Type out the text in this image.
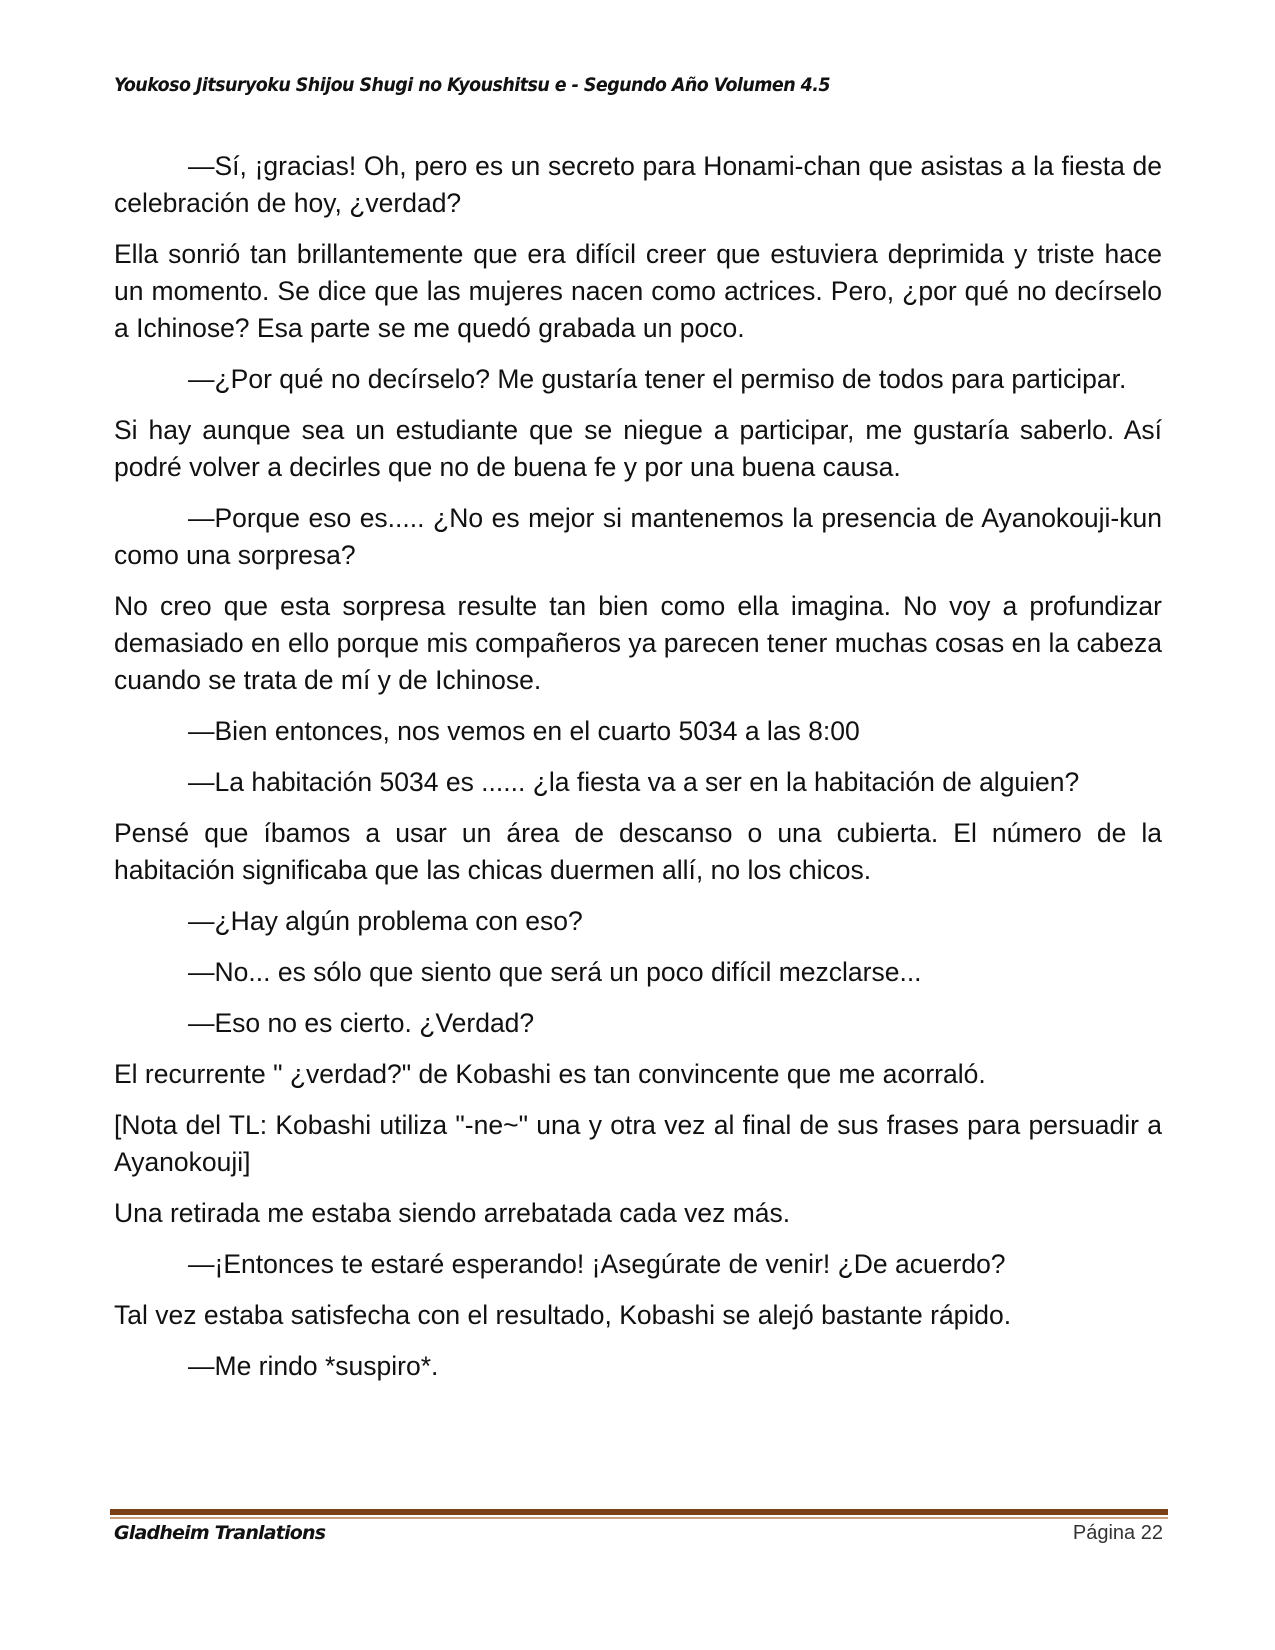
Youkoso Jitsuryoku Shijou Shugi no Kyoushitsu e - Segundo Año Volumen 4.5

—Sí, ¡gracias! Oh, pero es un secreto para Honami-chan que asistas a la fiesta de celebración de hoy, ¿verdad?

Ella sonrió tan brillantemente que era difícil creer que estuviera deprimida y triste hace un momento. Se dice que las mujeres nacen como actrices. Pero, ¿por qué no decírselo a Ichinose? Esa parte se me quedó grabada un poco.

—¿Por qué no decírselo? Me gustaría tener el permiso de todos para participar.

Si hay aunque sea un estudiante que se niegue a participar, me gustaría saberlo. Así podré volver a decirles que no de buena fe y por una buena causa.

—Porque eso es..... ¿No es mejor si mantenemos la presencia de Ayanokouji-kun como una sorpresa?

No creo que esta sorpresa resulte tan bien como ella imagina. No voy a profundizar demasiado en ello porque mis compañeros ya parecen tener muchas cosas en la cabeza cuando se trata de mí y de Ichinose.

—Bien entonces, nos vemos en el cuarto 5034 a las 8:00

—La habitación 5034 es ...... ¿la fiesta va a ser en la habitación de alguien?

Pensé que íbamos a usar un área de descanso o una cubierta. El número de la habitación significaba que las chicas duermen allí, no los chicos.

—¿Hay algún problema con eso?

—No... es sólo que siento que será un poco difícil mezclarse...

—Eso no es cierto. ¿Verdad?

El recurrente " ¿verdad?" de Kobashi es tan convincente que me acorraló.

[Nota del TL: Kobashi utiliza "-ne~" una y otra vez al final de sus frases para persuadir a Ayanokouji]

Una retirada me estaba siendo arrebatada cada vez más.

—¡Entonces te estaré esperando! ¡Asegúrate de venir! ¿De acuerdo?

Tal vez estaba satisfecha con el resultado, Kobashi se alejó bastante rápido.

—Me rindo *suspiro*.

Gladheim Tranlations	Página 22
